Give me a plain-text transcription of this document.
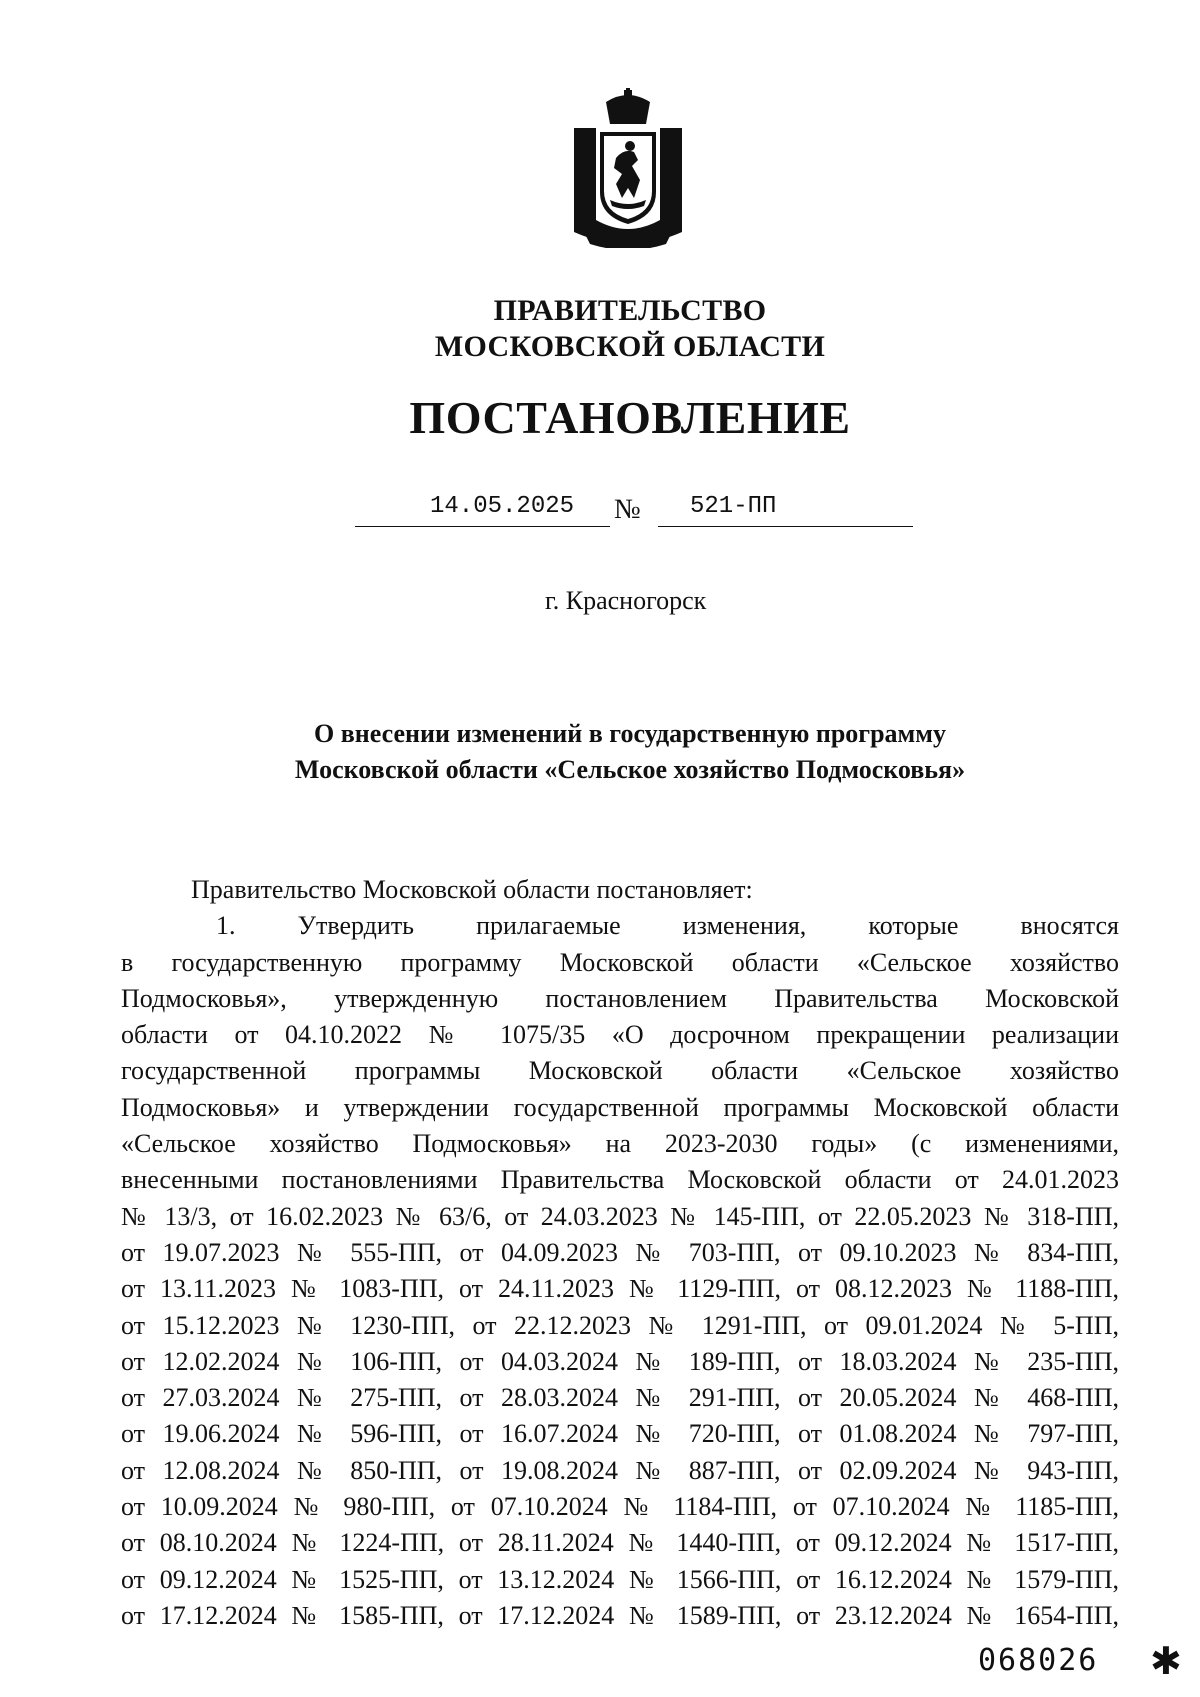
ПРАВИТЕЛЬСТВО
МОСКОВСКОЙ ОБЛАСТИ
ПОСТАНОВЛЕНИЕ
14.05.2025 № 521-ПП
г. Красногорск
О внесении изменений в государственную программу
Московской области «Сельское хозяйство Подмосковья»
Правительство Московской области постановляет:
1. Утвердить прилагаемые изменения, которые вносятся
в государственную программу Московской области «Сельское хозяйство
Подмосковья», утвержденную постановлением Правительства Московской
области от 04.10.2022 № 1075/35 «О досрочном прекращении реализации
государственной программы Московской области «Сельское хозяйство
Подмосковья» и утверждении государственной программы Московской области
«Сельское хозяйство Подмосковья» на 2023-2030 годы» (с изменениями,
внесенными постановлениями Правительства Московской области от 24.01.2023
№ 13/3, от 16.02.2023 № 63/6, от 24.03.2023 № 145-ПП, от 22.05.2023 № 318-ПП,
от 19.07.2023 № 555-ПП, от 04.09.2023 № 703-ПП, от 09.10.2023 № 834-ПП,
от 13.11.2023 № 1083-ПП, от 24.11.2023 № 1129-ПП, от 08.12.2023 № 1188-ПП,
от 15.12.2023 № 1230-ПП, от 22.12.2023 № 1291-ПП, от 09.01.2024 № 5-ПП,
от 12.02.2024 № 106-ПП, от 04.03.2024 № 189-ПП, от 18.03.2024 № 235-ПП,
от 27.03.2024 № 275-ПП, от 28.03.2024 № 291-ПП, от 20.05.2024 № 468-ПП,
от 19.06.2024 № 596-ПП, от 16.07.2024 № 720-ПП, от 01.08.2024 № 797-ПП,
от 12.08.2024 № 850-ПП, от 19.08.2024 № 887-ПП, от 02.09.2024 № 943-ПП,
от 10.09.2024 № 980-ПП, от 07.10.2024 № 1184-ПП, от 07.10.2024 № 1185-ПП,
от 08.10.2024 № 1224-ПП, от 28.11.2024 № 1440-ПП, от 09.12.2024 № 1517-ПП,
от 09.12.2024 № 1525-ПП, от 13.12.2024 № 1566-ПП, от 16.12.2024 № 1579-ПП,
от 17.12.2024 № 1585-ПП, от 17.12.2024 № 1589-ПП, от 23.12.2024 № 1654-ПП,
068026 ✱
